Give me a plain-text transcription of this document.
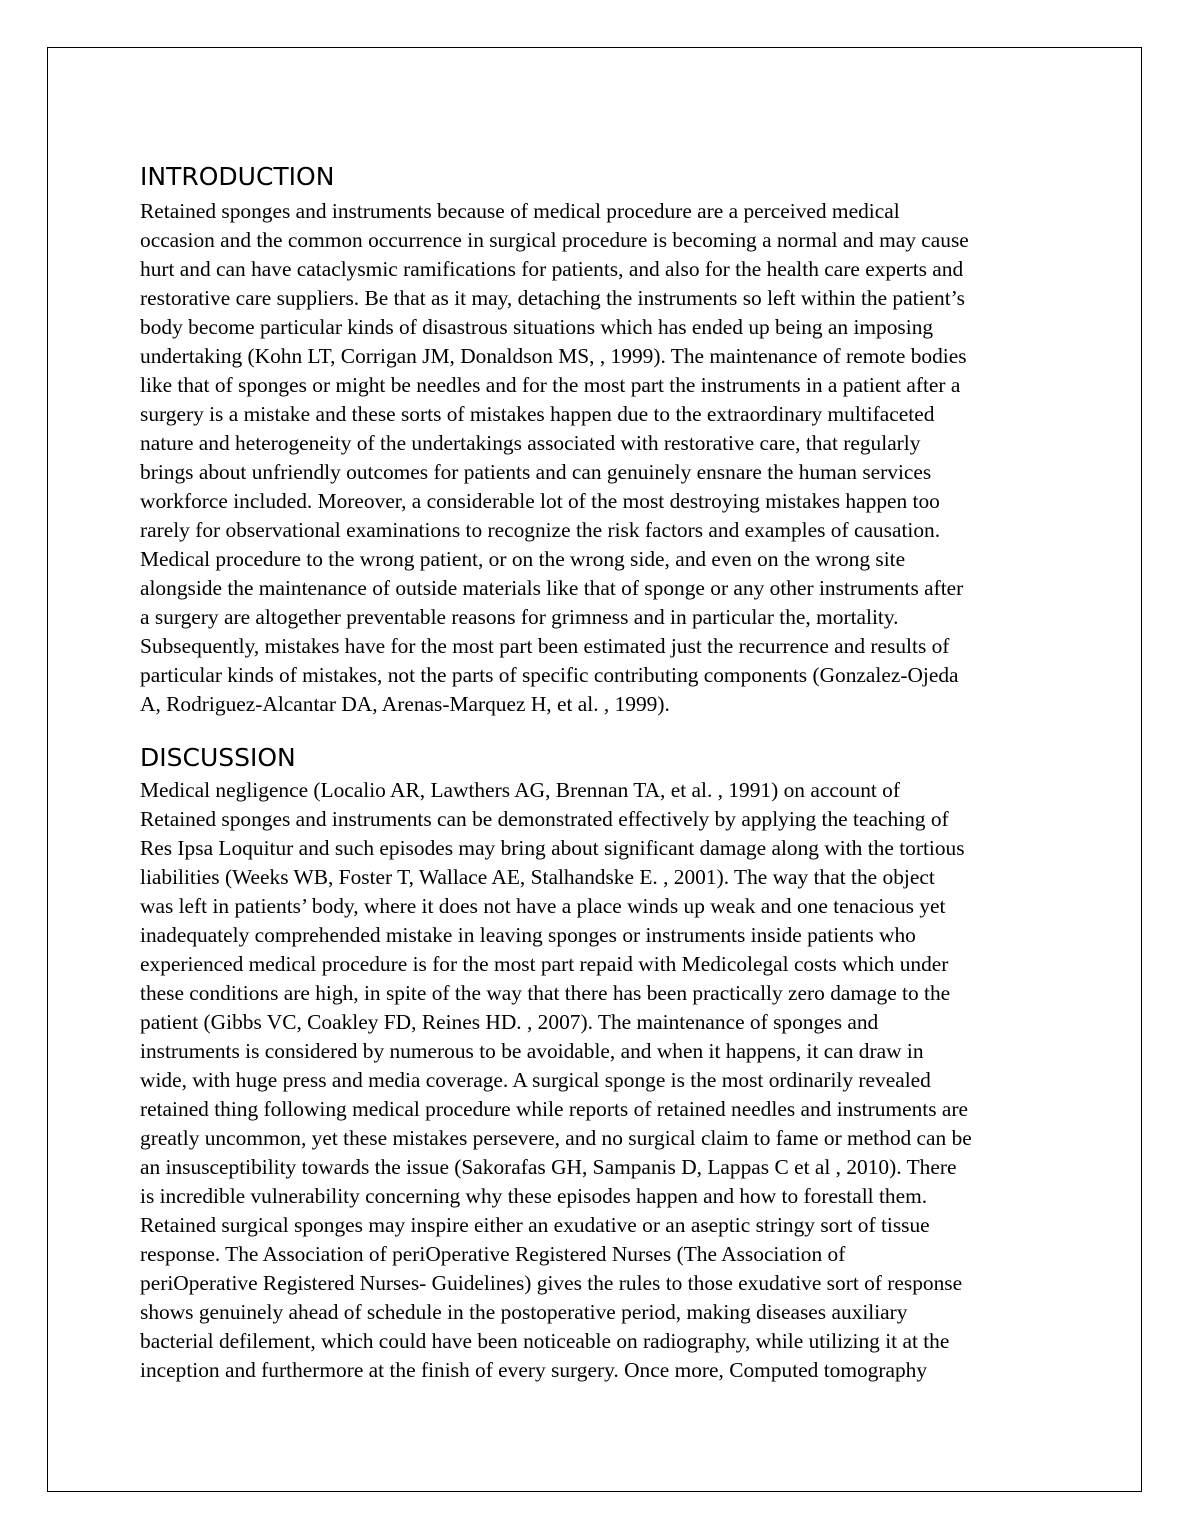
INTRODUCTION

Retained sponges and instruments because of medical procedure are a perceived medical
occasion and the common occurrence in surgical procedure is becoming a normal and may cause
hurt and can have cataclysmic ramifications for patients, and also for the health care experts and
restorative care suppliers. Be that as it may, detaching the instruments so left within the patient’s
body become particular kinds of disastrous situations which has ended up being an imposing
undertaking (Kohn LT, Corrigan JM, Donaldson MS, , 1999). The maintenance of remote bodies
like that of sponges or might be needles and for the most part the instruments in a patient after a
surgery is a mistake and these sorts of mistakes happen due to the extraordinary multifaceted
nature and heterogeneity of the undertakings associated with restorative care, that regularly
brings about unfriendly outcomes for patients and can genuinely ensnare the human services
workforce included. Moreover, a considerable lot of the most destroying mistakes happen too
rarely for observational examinations to recognize the risk factors and examples of causation.
Medical procedure to the wrong patient, or on the wrong side, and even on the wrong site
alongside the maintenance of outside materials like that of sponge or any other instruments after
a surgery are altogether preventable reasons for grimness and in particular the, mortality.
Subsequently, mistakes have for the most part been estimated just the recurrence and results of
particular kinds of mistakes, not the parts of specific contributing components (Gonzalez-Ojeda
A, Rodriguez-Alcantar DA, Arenas-Marquez H, et al. , 1999).

DISCUSSION

Medical negligence (Localio AR, Lawthers AG, Brennan TA, et al. , 1991) on account of
Retained sponges and instruments can be demonstrated effectively by applying the teaching of
Res Ipsa Loquitur and such episodes may bring about significant damage along with the tortious
liabilities (Weeks WB, Foster T, Wallace AE, Stalhandske E. , 2001). The way that the object
was left in patients’ body, where it does not have a place winds up weak and one tenacious yet
inadequately comprehended mistake in leaving sponges or instruments inside patients who
experienced medical procedure is for the most part repaid with Medicolegal costs which under
these conditions are high, in spite of the way that there has been practically zero damage to the
patient (Gibbs VC, Coakley FD, Reines HD. , 2007). The maintenance of sponges and
instruments is considered by numerous to be avoidable, and when it happens, it can draw in
wide, with huge press and media coverage. A surgical sponge is the most ordinarily revealed
retained thing following medical procedure while reports of retained needles and instruments are
greatly uncommon, yet these mistakes persevere, and no surgical claim to fame or method can be
an insusceptibility towards the issue (Sakorafas GH, Sampanis D, Lappas C et al , 2010). There
is incredible vulnerability concerning why these episodes happen and how to forestall them.
Retained surgical sponges may inspire either an exudative or an aseptic stringy sort of tissue
response. The Association of periOperative Registered Nurses (The Association of
periOperative Registered Nurses- Guidelines) gives the rules to those exudative sort of response
shows genuinely ahead of schedule in the postoperative period, making diseases auxiliary
bacterial defilement, which could have been noticeable on radiography, while utilizing it at the
inception and furthermore at the finish of every surgery. Once more, Computed tomography
